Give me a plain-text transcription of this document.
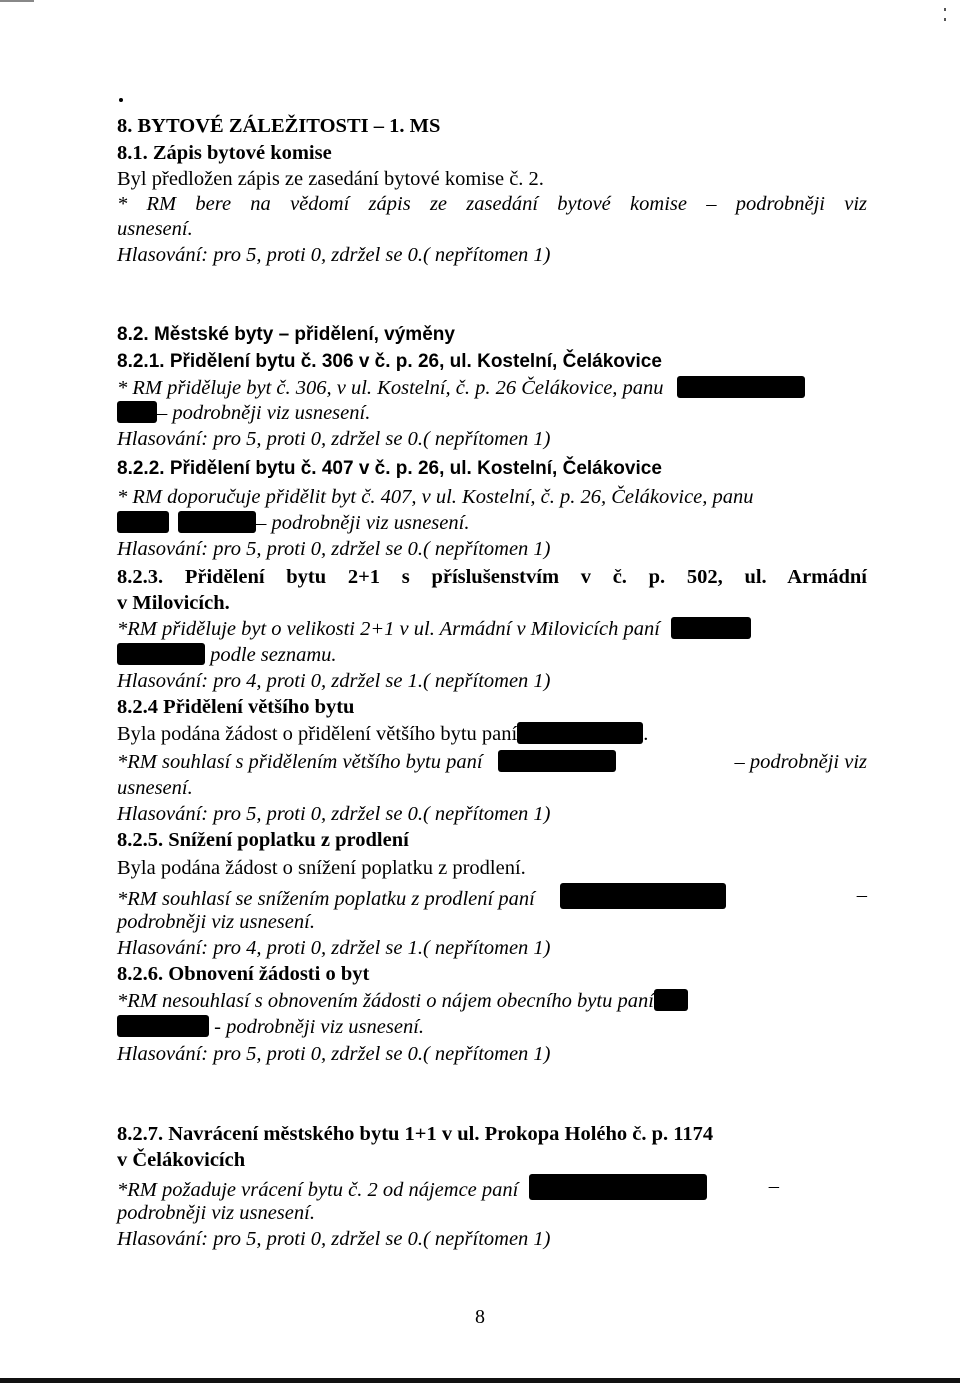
8. BYTOVÉ ZÁLEŽITOSTI – 1. MS
8.1. Zápis bytové komise
Byl předložen zápis ze zasedání bytové komise č. 2.
* RM bere na vědomí zápis ze zasedání bytové komise – podrobněji viz
usnesení.
Hlasování: pro 5, proti 0, zdržel se 0.( nepřítomen 1)
8.2. Městské byty – přidělení, výměny
8.2.1. Přidělení bytu č. 306 v č. p. 26, ul. Kostelní, Čelákovice
* RM přiděluje byt č. 306, v ul. Kostelní, č. p. 26 Čelákovice, panu
– podrobněji viz usnesení.
Hlasování: pro 5, proti 0, zdržel se 0.( nepřítomen 1)
8.2.2. Přidělení bytu č. 407 v č. p. 26, ul. Kostelní, Čelákovice
* RM doporučuje přidělit byt č. 407, v ul. Kostelní, č. p. 26, Čelákovice, panu
– podrobněji viz usnesení.
Hlasování: pro 5, proti 0, zdržel se 0.( nepřítomen 1)
8.2.3. Přidělení bytu 2+1 s příslušenstvím v č. p. 502, ul. Armádní
v Milovicích.
*RM přiděluje byt o velikosti 2+1 v ul. Armádní v Milovicích paní
podle seznamu.
Hlasování: pro 4, proti 0, zdržel se 1.( nepřítomen 1)
8.2.4 Přidělení většího bytu
Byla podána žádost o přidělení většího bytu paní	.
*RM souhlasí s přidělením většího bytu paní	– podrobněji viz
usnesení.
Hlasování: pro 5, proti 0, zdržel se 0.( nepřítomen 1)
8.2.5. Snížení poplatku z prodlení
Byla podána žádost o snížení poplatku z prodlení.
*RM souhlasí se snížením poplatku z prodlení paní	–
podrobněji viz usnesení.
Hlasování: pro 4, proti 0, zdržel se 1.( nepřítomen 1)
8.2.6. Obnovení žádosti o byt
*RM nesouhlasí s obnovením žádosti o nájem obecního bytu paní
- podrobněji viz usnesení.
Hlasování: pro 5, proti 0, zdržel se 0.( nepřítomen 1)
8.2.7. Navrácení městského bytu 1+1 v ul. Prokopa Holého č. p. 1174
v Čelákovicích
*RM požaduje vrácení bytu č. 2 od nájemce paní	–
podrobněji viz usnesení.
Hlasování: pro 5, proti 0, zdržel se 0.( nepřítomen 1)
8
